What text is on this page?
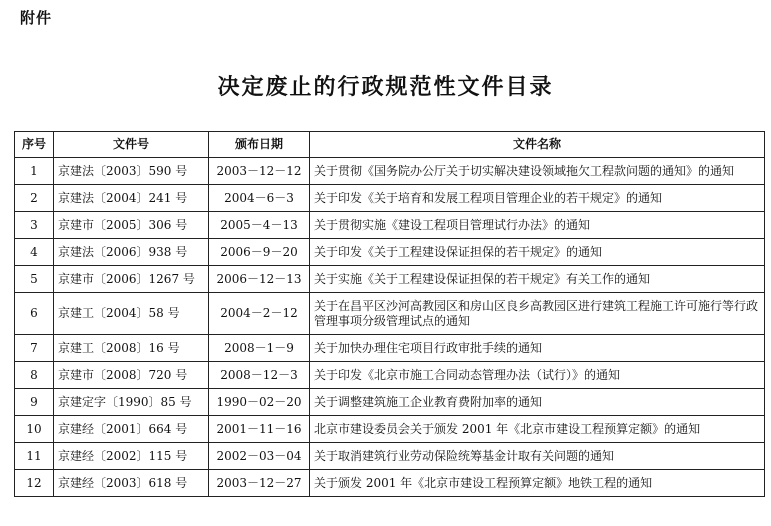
附件
决定废止的行政规范性文件目录
序号	文件号	颁布日期	文件名称
1	京建法〔2003〕590 号	2003－12－12	关于贯彻《国务院办公厅关于切实解决建设领域拖欠工程款问题的通知》的通知
2	京建法〔2004〕241 号	2004－6－3	关于印发《关于培育和发展工程项目管理企业的若干规定》的通知
3	京建市〔2005〕306 号	2005－4－13	关于贯彻实施《建设工程项目管理试行办法》的通知
4	京建法〔2006〕938 号	2006－9－20	关于印发《关于工程建设保证担保的若干规定》的通知
5	京建市〔2006〕1267 号	2006－12－13	关于实施《关于工程建设保证担保的若干规定》有关工作的通知
6	京建工〔2004〕58 号	2004－2－12	关于在昌平区沙河高教园区和房山区良乡高教园区进行建筑工程施工许可施行等行政管理事项分级管理试点的通知
7	京建工〔2008〕16 号	2008－1－9	关于加快办理住宅项目行政审批手续的通知
8	京建市〔2008〕720 号	2008－12－3	关于印发《北京市施工合同动态管理办法（试行）》的通知
9	京建定字〔1990〕85 号	1990－02－20	关于调整建筑施工企业教育费附加率的通知
10	京建经〔2001〕664 号	2001－11－16	北京市建设委员会关于颁发 2001 年《北京市建设工程预算定额》的通知
11	京建经〔2002〕115 号	2002－03－04	关于取消建筑行业劳动保险统筹基金计取有关问题的通知
12	京建经〔2003〕618 号	2003－12－27	关于颁发 2001 年《北京市建设工程预算定额》地铁工程的通知
